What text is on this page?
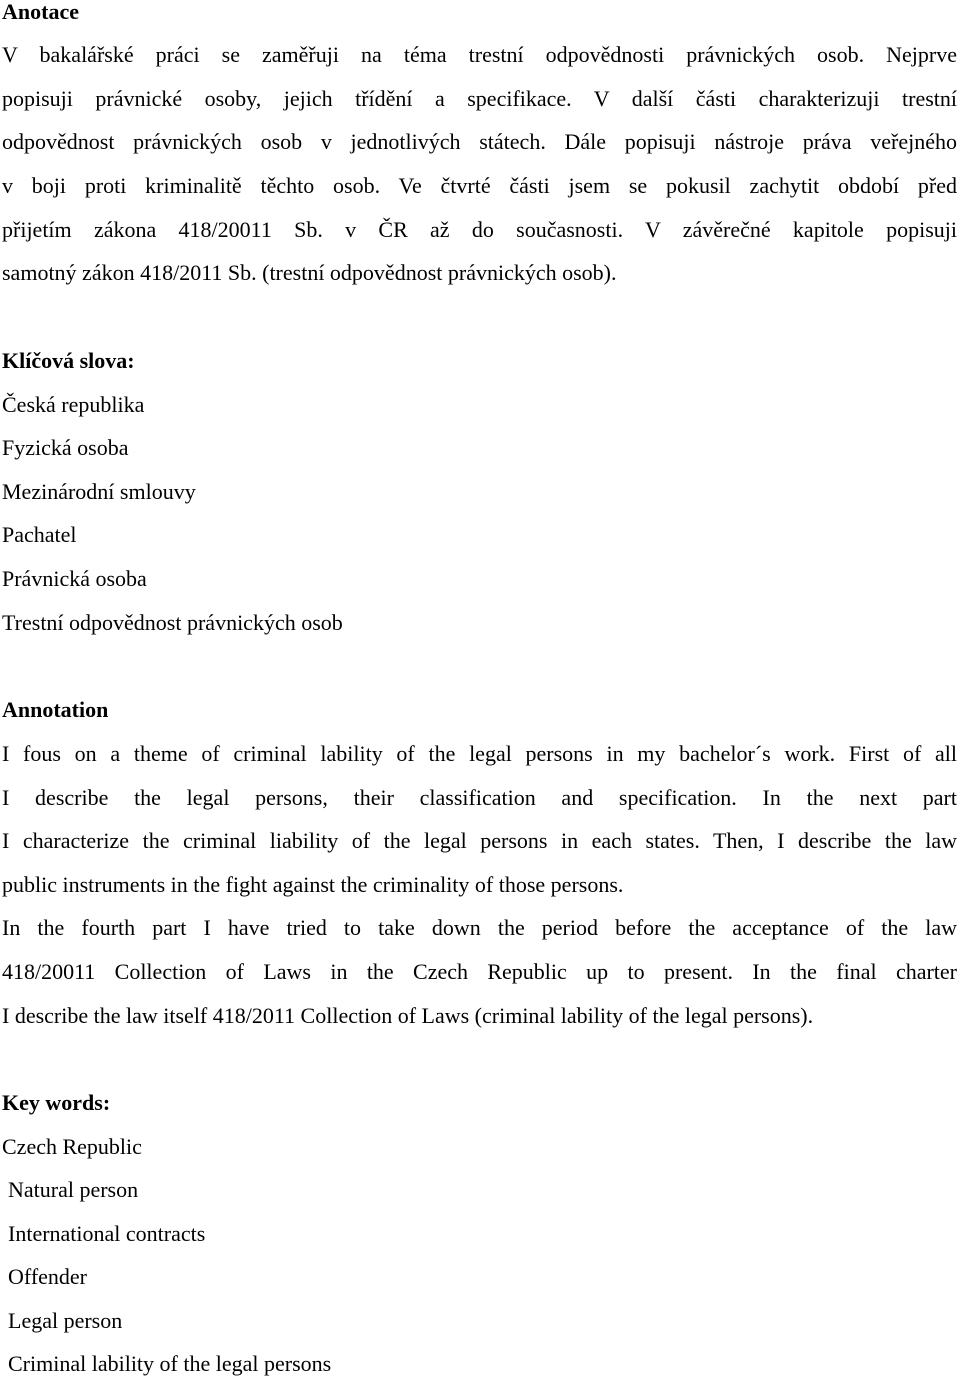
Anotace
V bakalářské práci se zaměřuji na téma trestní odpovědnosti právnických osob. Nejprve
popisuji právnické osoby, jejich třídění a specifikace. V další části charakterizuji trestní
odpovědnost právnických osob v jednotlivých státech. Dále popisuji nástroje práva veřejného
v boji proti kriminalitě těchto osob. Ve čtvrté části jsem se pokusil zachytit období před
přijetím zákona 418/20011 Sb. v ČR až do současnosti. V závěrečné kapitole popisuji
samotný zákon 418/2011 Sb. (trestní odpovědnost právnických osob).
Klíčová slova:
Česká republika
Fyzická osoba
Mezinárodní smlouvy
Pachatel
Právnická osoba
Trestní odpovědnost právnických osob
Annotation
I fous on a theme of criminal lability of the legal persons in my bachelor´s work. First of all
I describe the legal persons, their classification and specification. In the next part
I characterize the criminal liability of the legal persons in each states. Then, I describe the law
public instruments in the fight against the criminality of those persons.
In the fourth part I have tried to take down the period before the acceptance of the law
418/20011 Collection of Laws in the Czech Republic up to present. In the final charter
I describe the law itself 418/2011 Collection of Laws (criminal lability of the legal persons).
Key words:
Czech Republic
Natural person
International contracts
Offender
Legal person
Criminal lability of the legal persons
